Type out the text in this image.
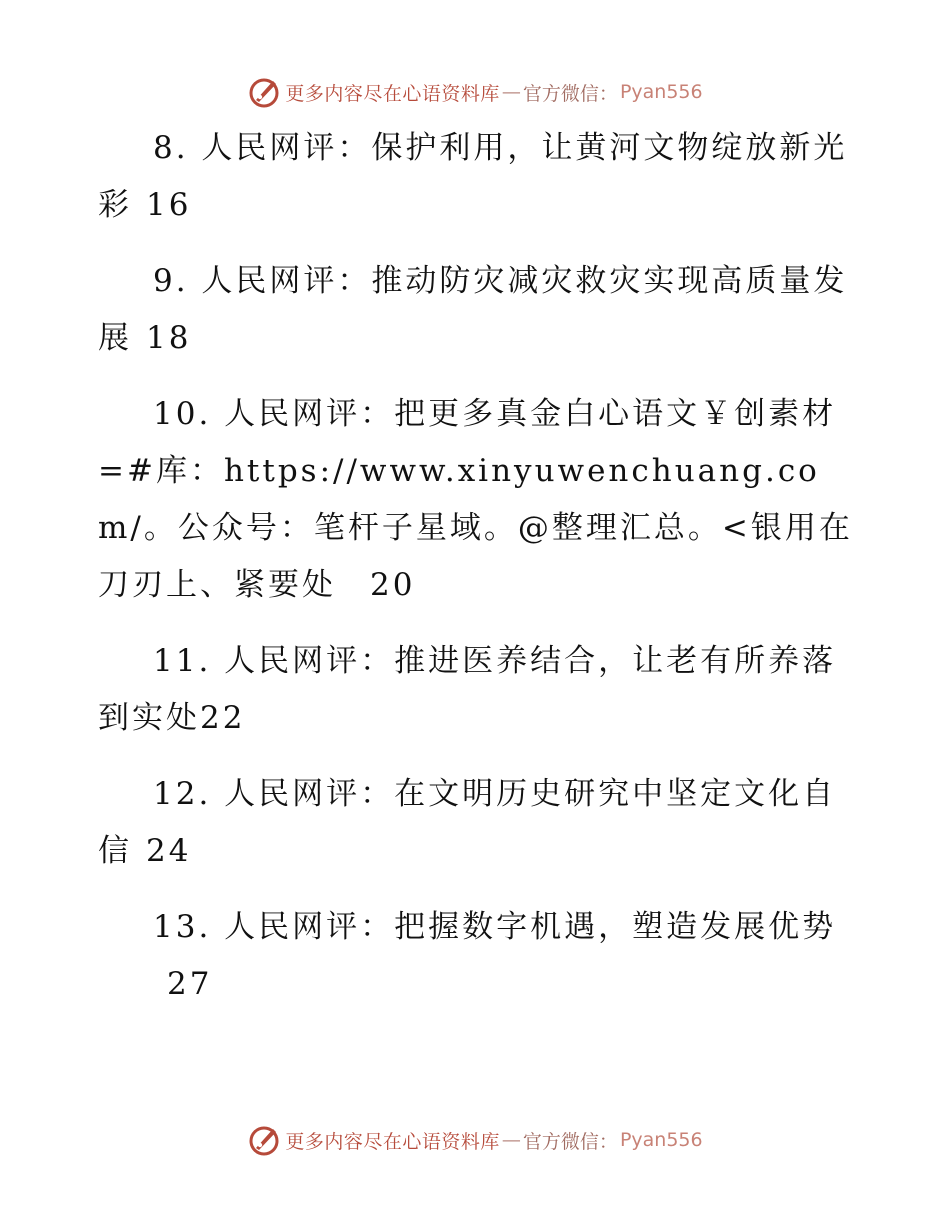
更多内容尽在心语资料库 — 官方微信： Pyan556

8. 人民网评：保护利用，让黄河文物绽放新光彩 16

9. 人民网评：推动防灾减灾救灾实现高质量发展 18

10. 人民网评：把更多真金白心语文￥创素材=#库：https://www.xinyuwenchuang.com/。公众号：笔杆子星域。@整理汇总。<银用在刀刃上、紧要处 20

11. 人民网评：推进医养结合，让老有所养落到实处22

12. 人民网评：在文明历史研究中坚定文化自信 24

13. 人民网评：把握数字机遇，塑造发展优势
27

更多内容尽在心语资料库 — 官方微信： Pyan556
